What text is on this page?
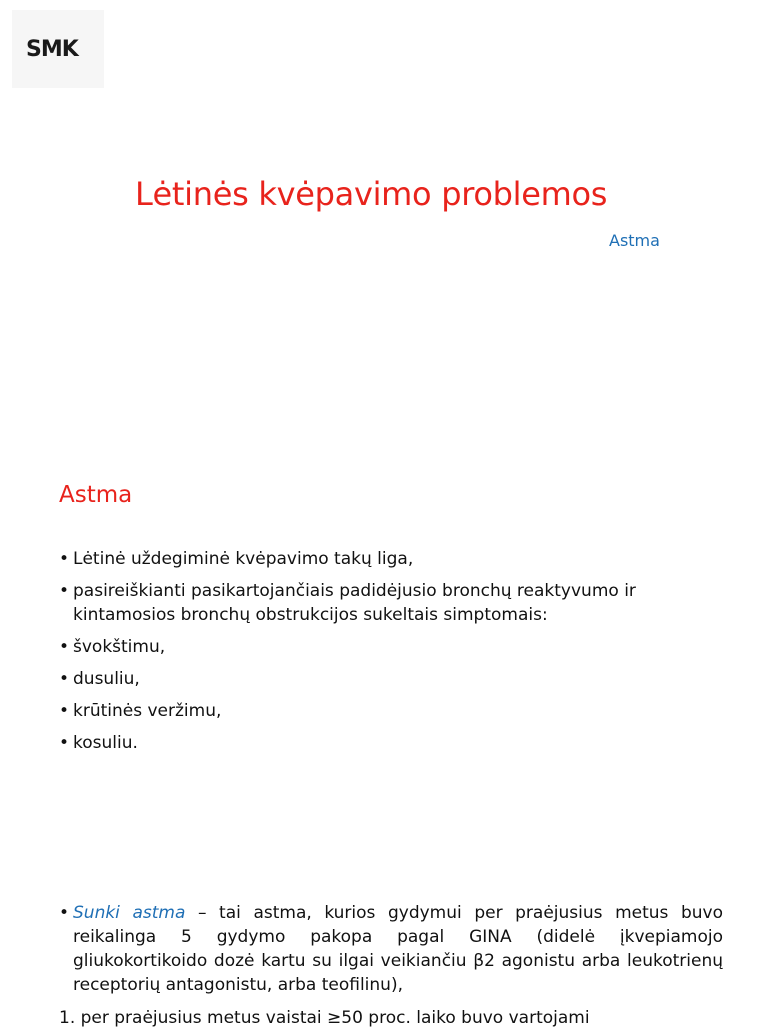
SMK
Lėtinės kvėpavimo problemos
Astma
Astma
• Lėtinė uždegiminė kvėpavimo takų liga,
• pasireiškianti pasikartojančiais padidėjusio bronchų reaktyvumo ir kintamosios bronchų obstrukcijos sukeltais simptomais:
• švokštimu,
• dusuliu,
• krūtinės veržimu,
• kosuliu.

• Sunki astma – tai astma, kurios gydymui per praėjusius metus buvo reikalinga 5 gydymo pakopa pagal GINA (didelė įkvepiamojo gliukokortikoido dozė kartu su ilgai veikiančiu β2 agonistu arba leukotrienų receptorių antagonistu, arba teofilinu),

1. per praėjusius metus vaistai ≥50 proc. laiko buvo vartojami
